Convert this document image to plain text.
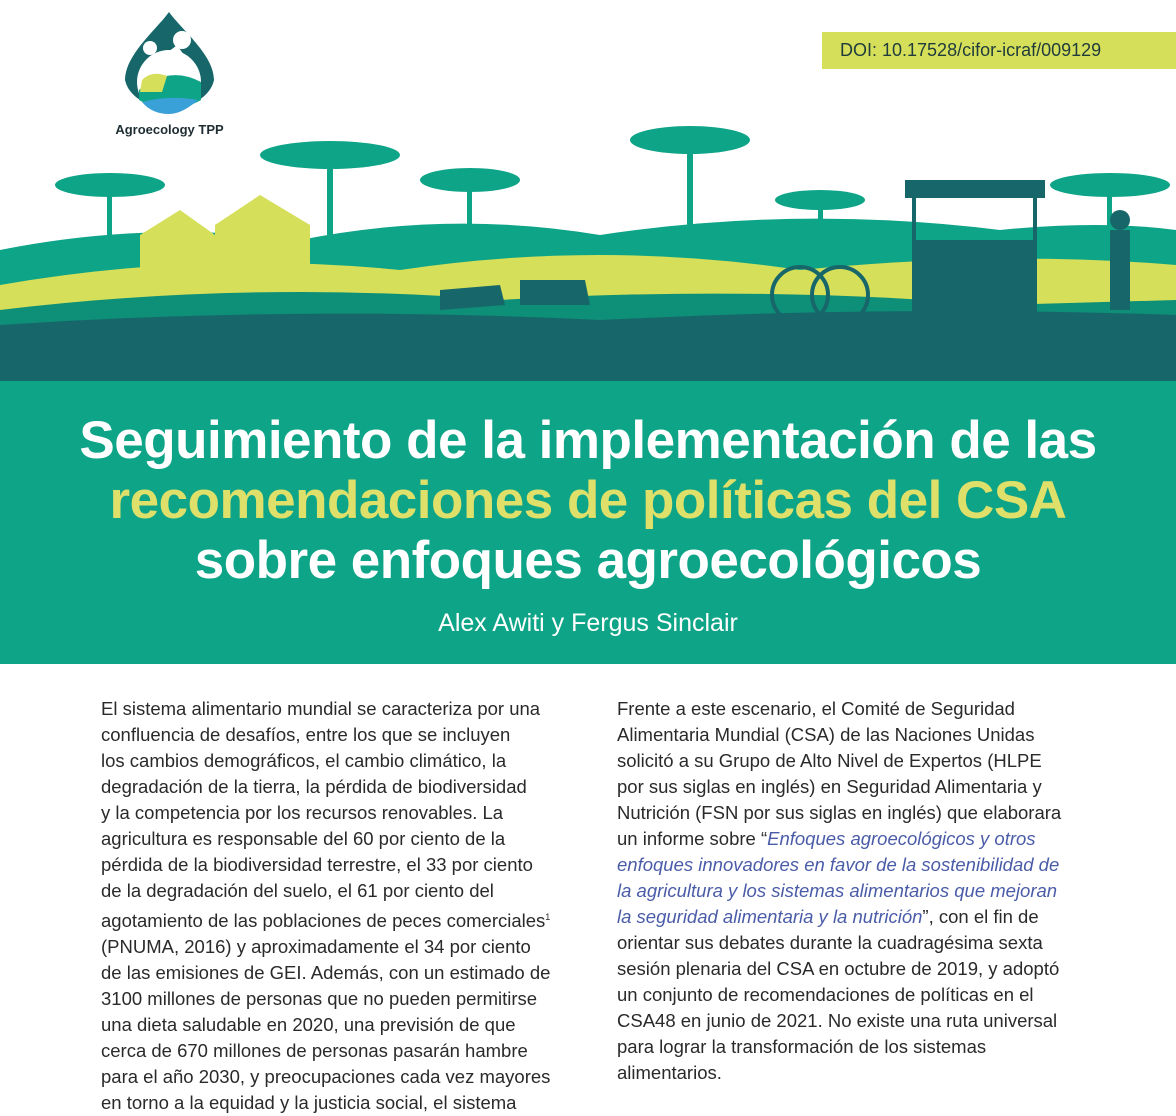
Agroecology TPP
DOI: 10.17528/cifor-icraf/009129
Seguimiento de la implementación de las
recomendaciones de políticas del CSA
sobre enfoques agroecológicos
Alex Awiti y Fergus Sinclair
El sistema alimentario mundial se caracteriza por una
confluencia de desafíos, entre los que se incluyen
los cambios demográficos, el cambio climático, la
degradación de la tierra, la pérdida de biodiversidad
y la competencia por los recursos renovables. La
agricultura es responsable del 60 por ciento de la
pérdida de la biodiversidad terrestre, el 33 por ciento
de la degradación del suelo, el 61 por ciento del
agotamiento de las poblaciones de peces comerciales$^1$
(PNUMA, 2016) y aproximadamente el 34 por ciento
de las emisiones de GEI. Además, con un estimado de
3100 millones de personas que no pueden permitirse
una dieta saludable en 2020, una previsión de que
cerca de 670 millones de personas pasarán hambre
para el año 2030, y preocupaciones cada vez mayores
en torno a la equidad y la justicia social, el sistema
Frente a este escenario, el Comité de Seguridad
Alimentaria Mundial (CSA) de las Naciones Unidas
solicitó a su Grupo de Alto Nivel de Expertos (HLPE
por sus siglas en inglés) en Seguridad Alimentaria y
Nutrición (FSN por sus siglas en inglés) que elaborara
un informe sobre “Enfoques agroecológicos y otros
enfoques innovadores en favor de la sostenibilidad de
la agricultura y los sistemas alimentarios que mejoran
la seguridad alimentaria y la nutrición”, con el fin de
orientar sus debates durante la cuadragésima sexta
sesión plenaria del CSA en octubre de 2019, y adoptó
un conjunto de recomendaciones de políticas en el
CSA48 en junio de 2021. No existe una ruta universal
para lograr la transformación de los sistemas
alimentarios.
